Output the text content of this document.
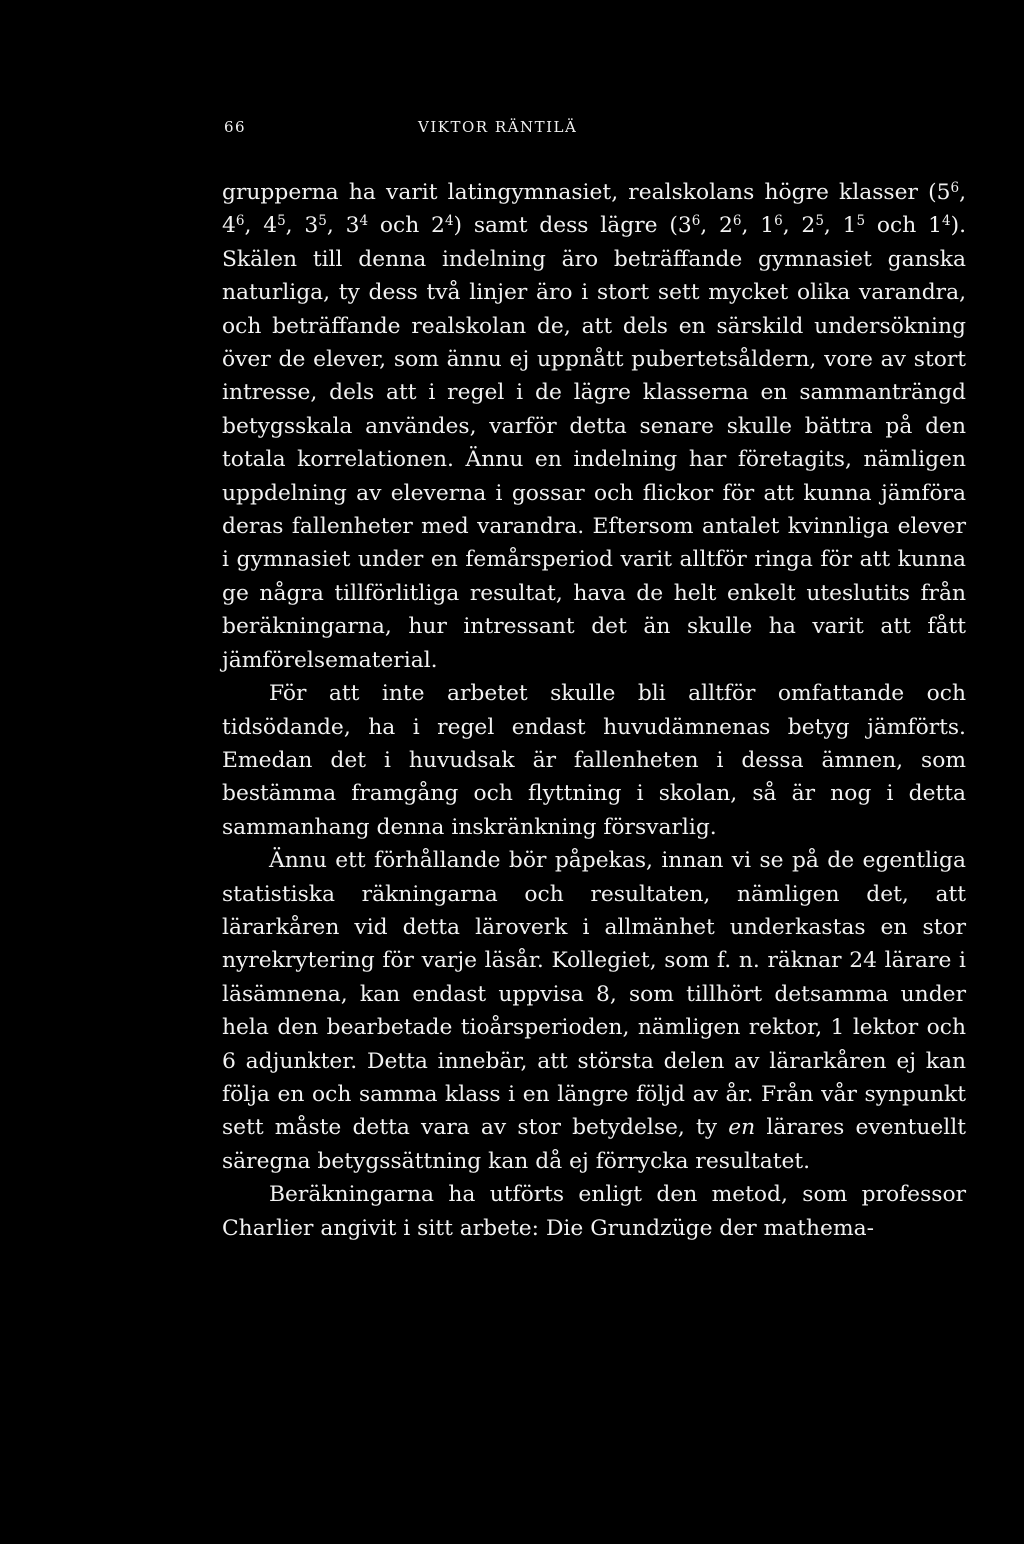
66	VIKTOR RÄNTILÄ

grupperna ha varit latingymnasiet, realskolans högre klasser ($5^6$, $4^6$, $4^5$, $3^5$, $3^4$ och $2^4$) samt dess lägre ($3^6$, $2^6$, $1^6$, $2^5$, $1^5$ och $1^4$). Skälen till denna indelning äro beträffande gymnasiet ganska naturliga, ty dess två linjer äro i stort sett mycket olika varandra, och beträffande realskolan de, att dels en särskild undersökning över de elever, som ännu ej uppnått pubertetsåldern, vore av stort intresse, dels att i regel i de lägre klasserna en sammanträngd betygsskala användes, varför detta senare skulle bättra på den totala korrelationen. Ännu en indelning har företagits, nämligen uppdelning av eleverna i gossar och flickor för att kunna jämföra deras fallenheter med varandra. Eftersom antalet kvinnliga elever i gymnasiet under en femårsperiod varit alltför ringa för att kunna ge några tillförlitliga resultat, hava de helt enkelt uteslutits från beräkningarna, hur intressant det än skulle ha varit att fått jämförelsematerial.

För att inte arbetet skulle bli alltför omfattande och tidsödande, ha i regel endast huvudämnenas betyg jämförts. Emedan det i huvudsak är fallenheten i dessa ämnen, som bestämma framgång och flyttning i skolan, så är nog i detta sammanhang denna inskränkning försvarlig.

Ännu ett förhållande bör påpekas, innan vi se på de egentliga statistiska räkningarna och resultaten, nämligen det, att lärarkåren vid detta läroverk i allmänhet underkastas en stor nyrekrytering för varje läsår. Kollegiet, som f. n. räknar 24 lärare i läsämnena, kan endast uppvisa 8, som tillhört detsamma under hela den bearbetade tioårsperioden, nämligen rektor, 1 lektor och 6 adjunkter. Detta innebär, att största delen av lärarkåren ej kan följa en och samma klass i en längre följd av år. Från vår synpunkt sett måste detta vara av stor betydelse, ty en lärares eventuellt säregna betygssättning kan då ej förrycka resultatet.

Beräkningarna ha utförts enligt den metod, som professor Charlier angivit i sitt arbete: Die Grundzüge der mathema-
